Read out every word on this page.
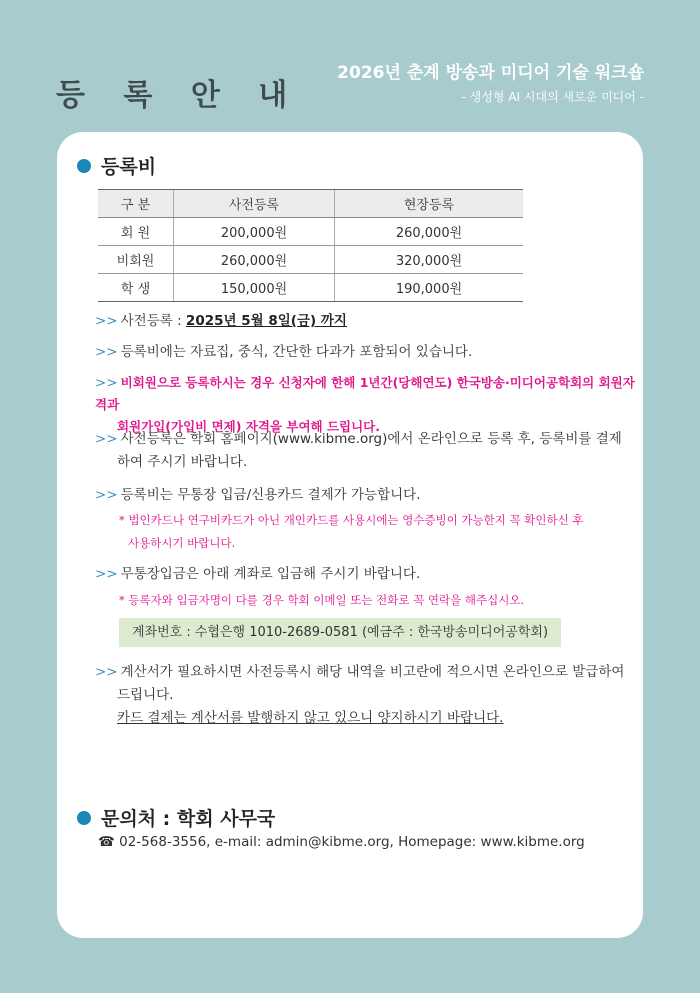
등 록 안 내
2026년 춘계 방송과 미디어 기술 워크숍
- 생성형 AI 시대의 새로운 미디어 -
등록비
구 분	사전등록	현장등록
회 원	200,000원	260,000원
비회원	260,000원	320,000원
학 생	150,000원	190,000원
>> 사전등록 : 2025년 5월 8일(금) 까지
>> 등록비에는 자료집, 중식, 간단한 다과가 포함되어 있습니다.
>> 비회원으로 등록하시는 경우 신청자에 한해 1년간(당해연도) 한국방송·미디어공학회의 회원자격과
회원가입(가입비 면제) 자격을 부여해 드립니다.
>> 사전등록은 학회 홈페이지(www.kibme.org)에서 온라인으로 등록 후, 등록비를 결제
하여 주시기 바랍니다.
>> 등록비는 무통장 입금/신용카드 결제가 가능합니다.
* 법인카드나 연구비카드가 아닌 개인카드를 사용시에는 영수증빙이 가능한지 꼭 확인하신 후
사용하시기 바랍니다.
>> 무통장입금은 아래 계좌로 입금해 주시기 바랍니다.
* 등록자와 입금자명이 다를 경우 학회 이메일 또는 전화로 꼭 연락을 해주십시오.
계좌번호 : 수협은행 1010-2689-0581 (예금주 : 한국방송미디어공학회)
>> 계산서가 필요하시면 사전등록시 해당 내역을 비고란에 적으시면 온라인으로 발급하여
드립니다.
카드 결제는 계산서를 발행하지 않고 있으니 양지하시기 바랍니다.
문의처 : 학회 사무국
☎ 02-568-3556, e-mail: admin@kibme.org, Homepage: www.kibme.org
